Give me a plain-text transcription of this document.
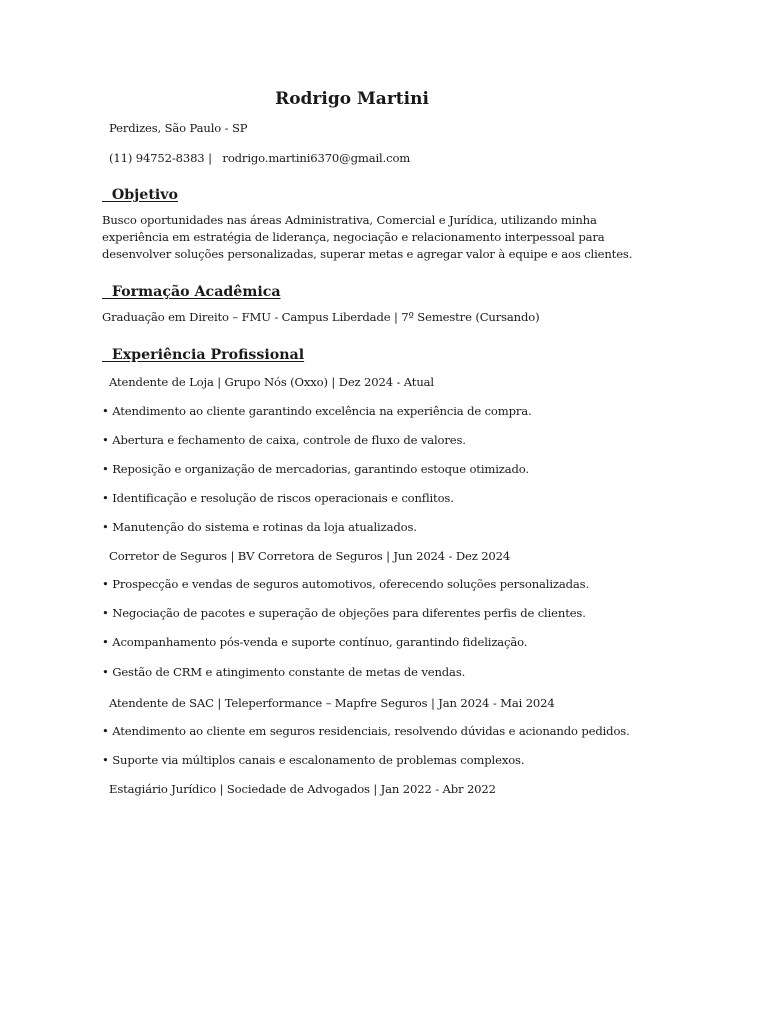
Rodrigo Martini
Perdizes, São Paulo - SP
(11) 94752-8383 |   rodrigo.martini6370@gmail.com
Objetivo
Busco oportunidades nas áreas Administrativa, Comercial e Jurídica, utilizando minha
experiência em estratégia de liderança, negociação e relacionamento interpessoal para
desenvolver soluções personalizadas, superar metas e agregar valor à equipe e aos clientes.
Formação Acadêmica
Graduação em Direito – FMU - Campus Liberdade | 7º Semestre (Cursando)
Experiência Profissional
Atendente de Loja | Grupo Nós (Oxxo) | Dez 2024 - Atual
• Atendimento ao cliente garantindo excelência na experiência de compra.
• Abertura e fechamento de caixa, controle de fluxo de valores.
• Reposição e organização de mercadorias, garantindo estoque otimizado.
• Identificação e resolução de riscos operacionais e conflitos.
• Manutenção do sistema e rotinas da loja atualizados.
Corretor de Seguros | BV Corretora de Seguros | Jun 2024 - Dez 2024
• Prospecção e vendas de seguros automotivos, oferecendo soluções personalizadas.
• Negociação de pacotes e superação de objeções para diferentes perfis de clientes.
• Acompanhamento pós-venda e suporte contínuo, garantindo fidelização.
• Gestão de CRM e atingimento constante de metas de vendas.
Atendente de SAC | Teleperformance – Mapfre Seguros | Jan 2024 - Mai 2024
• Atendimento ao cliente em seguros residenciais, resolvendo dúvidas e acionando pedidos.
• Suporte via múltiplos canais e escalonamento de problemas complexos.
Estagiário Jurídico | Sociedade de Advogados | Jan 2022 - Abr 2022
